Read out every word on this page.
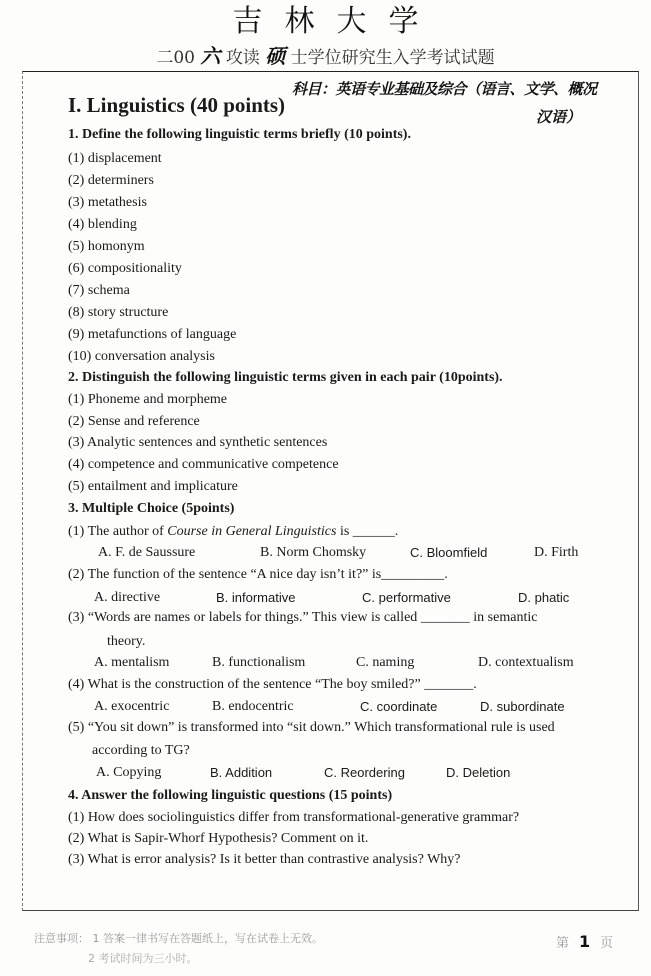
吉林大学
二00 六 攻读 硕 士学位研究生入学考试试题
科目：英语专业基础及综合（语言、文学、概况
汉语）
I. Linguistics (40 points)
1. Define the following linguistic terms briefly (10 points).
(1) displacement
(2) determiners
(3) metathesis
(4) blending
(5) homonym
(6) compositionality
(7) schema
(8) story structure
(9) metafunctions of language
(10) conversation analysis
2. Distinguish the following linguistic terms given in each pair (10points).
(1) Phoneme and morpheme
(2) Sense and reference
(3) Analytic sentences and synthetic sentences
(4) competence and communicative competence
(5) entailment and implicature
3. Multiple Choice (5points)
(1) The author of Course in General Linguistics is ______.
A. F. de Saussure	B. Norm Chomsky	C. Bloomfield	D. Firth
(2) The function of the sentence “A nice day isn’t it?” is_________.
A. directive	B. informative	C. performative	D. phatic
(3) “Words are names or labels for things.” This view is called _______ in semantic
theory.
A. mentalism	B. functionalism	C. naming	D. contextualism
(4) What is the construction of the sentence “The boy smiled?” _______.
A. exocentric	B. endocentric	C. coordinate	D. subordinate
(5) “You sit down” is transformed into “sit down.” Which transformational rule is used
according to TG?
A. Copying	B. Addition	C. Reordering	D. Deletion
4. Answer the following linguistic questions (15 points)
(1) How does sociolinguistics differ from transformational-generative grammar?
(2) What is Sapir-Whorf Hypothesis? Comment on it.
(3) What is error analysis? Is it better than contrastive analysis? Why?
注意事项： 1 答案一律书写在答题纸上，写在试卷上无效。
2 考试时间为三小时。
第 1 页
